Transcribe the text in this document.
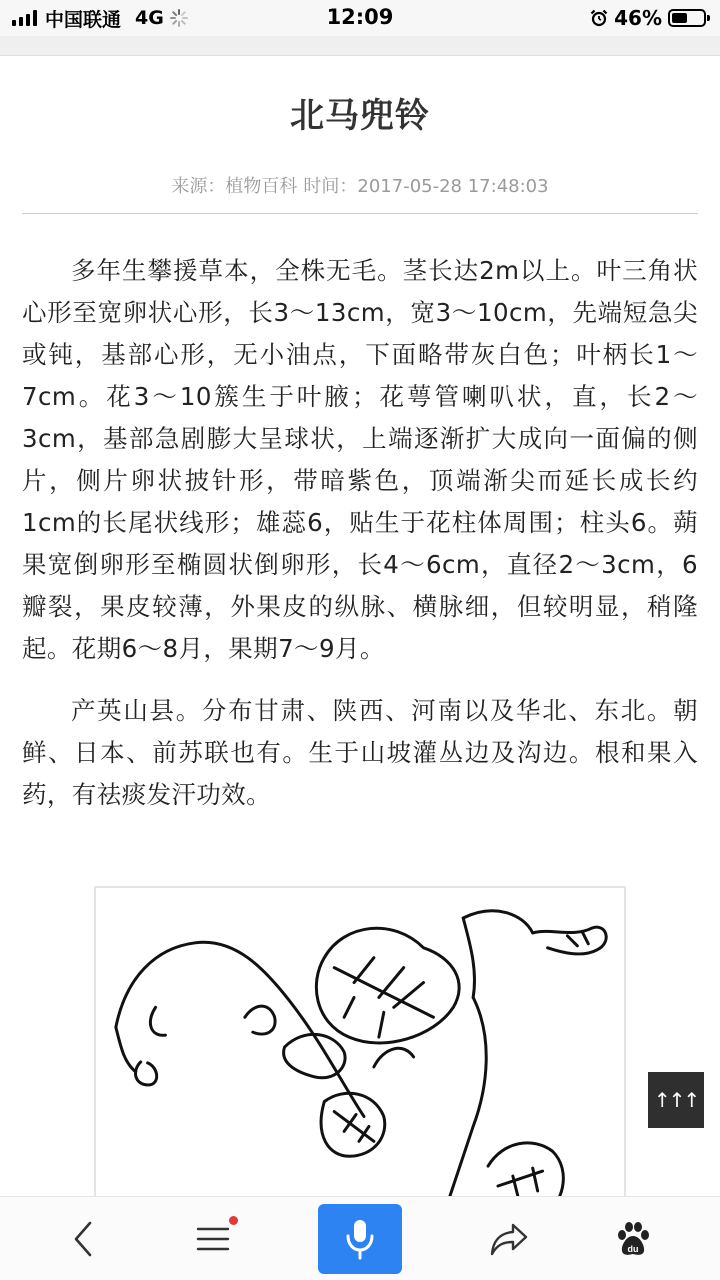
中国联通 4G	12:09	46%
北马兜铃
来源：植物百科 时间：2017-05-28 17:48:03

多年生攀援草本，全株无毛。茎长达2m以上。叶三角状心形至宽卵状心形，长3～13cm，宽3～10cm，先端短急尖或钝，基部心形，无小油点，下面略带灰白色；叶柄长1～7cm。花3～10簇生于叶腋；花萼管喇叭状，直，长2～3cm，基部急剧膨大呈球状，上端逐渐扩大成向一面偏的侧片，侧片卵状披针形，带暗紫色，顶端渐尖而延长成长约1cm的长尾状线形；雄蕊6，贴生于花柱体周围；柱头6。蒴果宽倒卵形至椭圆状倒卵形，长4～6cm，直径2～3cm，6瓣裂，果皮较薄，外果皮的纵脉、横脉细，但较明显，稍隆起。花期6～8月，果期7～9月。

产英山县。分布甘肃、陕西、河南以及华北、东北。朝鲜、日本、前苏联也有。生于山坡灌丛边及沟边。根和果入药，有祛痰发汗功效。

↑↑↑
du
